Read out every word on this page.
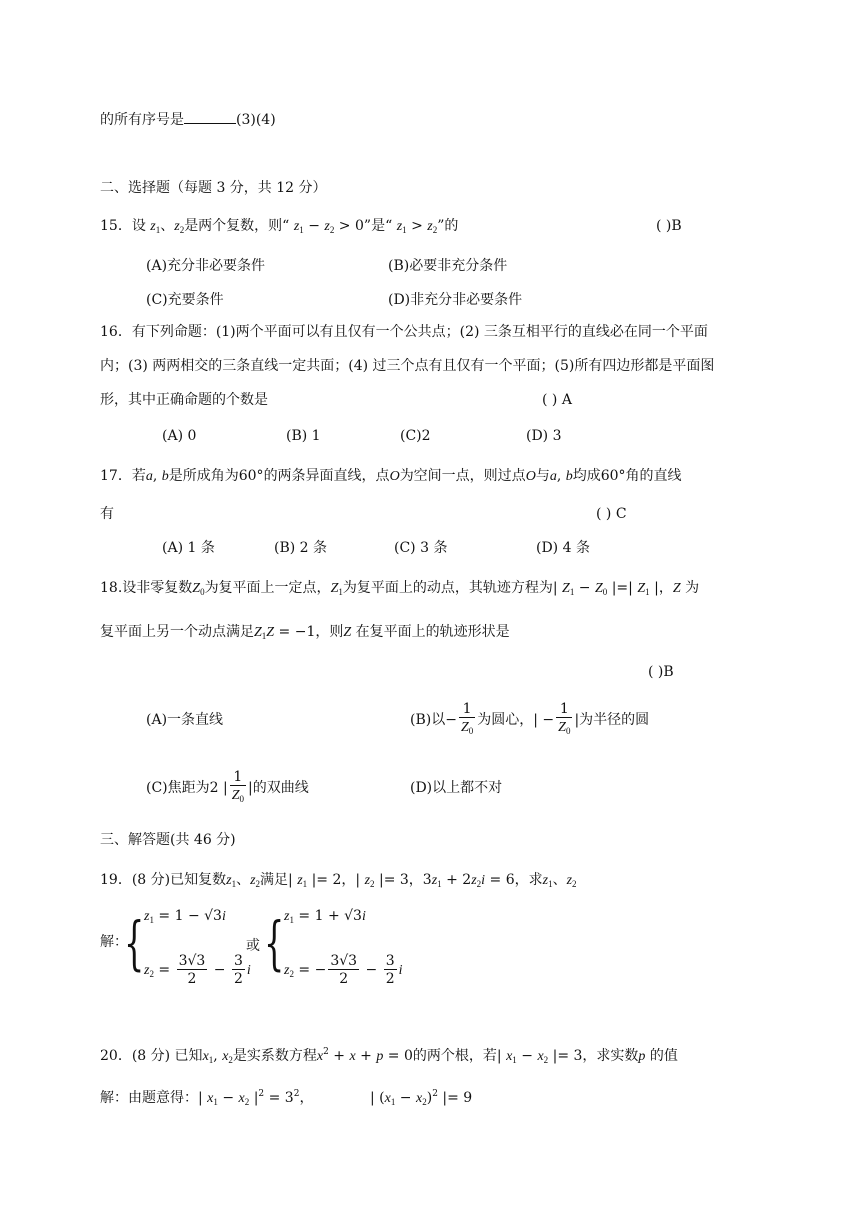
的所有序号是	(3)(4)
二、选择题（每题 3 分，共 12 分）
15．设 $z_1$、$z_2$是两个复数，则“ $z_1 - z_2 > 0$”是“ $z_1 > z_2$”的	( )B
(A)充分非必要条件	(B)必要非充分条件
(C)充要条件	(D)非充分非必要条件
16．有下列命题：(1)两个平面可以有且仅有一个公共点；(2) 三条互相平行的直线必在同一个平面
内；(3) 两两相交的三条直线一定共面；(4) 过三个点有且仅有一个平面；(5)所有四边形都是平面图
形，其中正确命题的个数是	( ) A
(A) 0	(B) 1	(C)2	(D) 3
17．若a, b是所成角为60°的两条异面直线，点O为空间一点，则过点O与a, b均成60°角的直线
有	( ) C
(A) 1 条	(B) 2 条	(C) 3 条	(D) 4 条
18.设非零复数$Z_0$为复平面上一定点，$Z_1$为复平面上的动点，其轨迹方程为| $Z_1 - Z_0$ |=| $Z_1$ |，Z 为
复平面上另一个动点满足$Z_1Z = -1$，则Z 在复平面上的轨迹形状是
( )B
(A)一条直线	(B)以− $\frac{1}{Z_0}$ 为圆心，| − $\frac{1}{Z_0}$ |为半径的圆
(C)焦距为2 | $\frac{1}{Z_0}$ |的双曲线	(D)以上都不对
三、解答题(共 46 分)
19．(8 分)已知复数$z_1$、$z_2$满足| $z_1$ |= 2，| $z_2$ |= 3，$3z_1 + 2z_2i = 6$，求$z_1$、$z_2$
解：
{ $z_1 = 1 - √3i$
$z_2 = \frac{3√3}{2} - \frac{3}{2}$ i
或 { $z_1 = 1 + √3i$
$z_2$ = − $\frac{3√3}{2} - \frac{3}{2}$ i
20．(8 分) 已知$x_1$, $x_2$是实系数方程$x^2 + x + p = 0$的两个根，若| $x_1 - x_2$ |= 3，求实数p 的值
解：由题意得：| $x_1 - x_2$ $|^2 = 3^2$，	| $(x_1 - x_2)^2$ |= 9
